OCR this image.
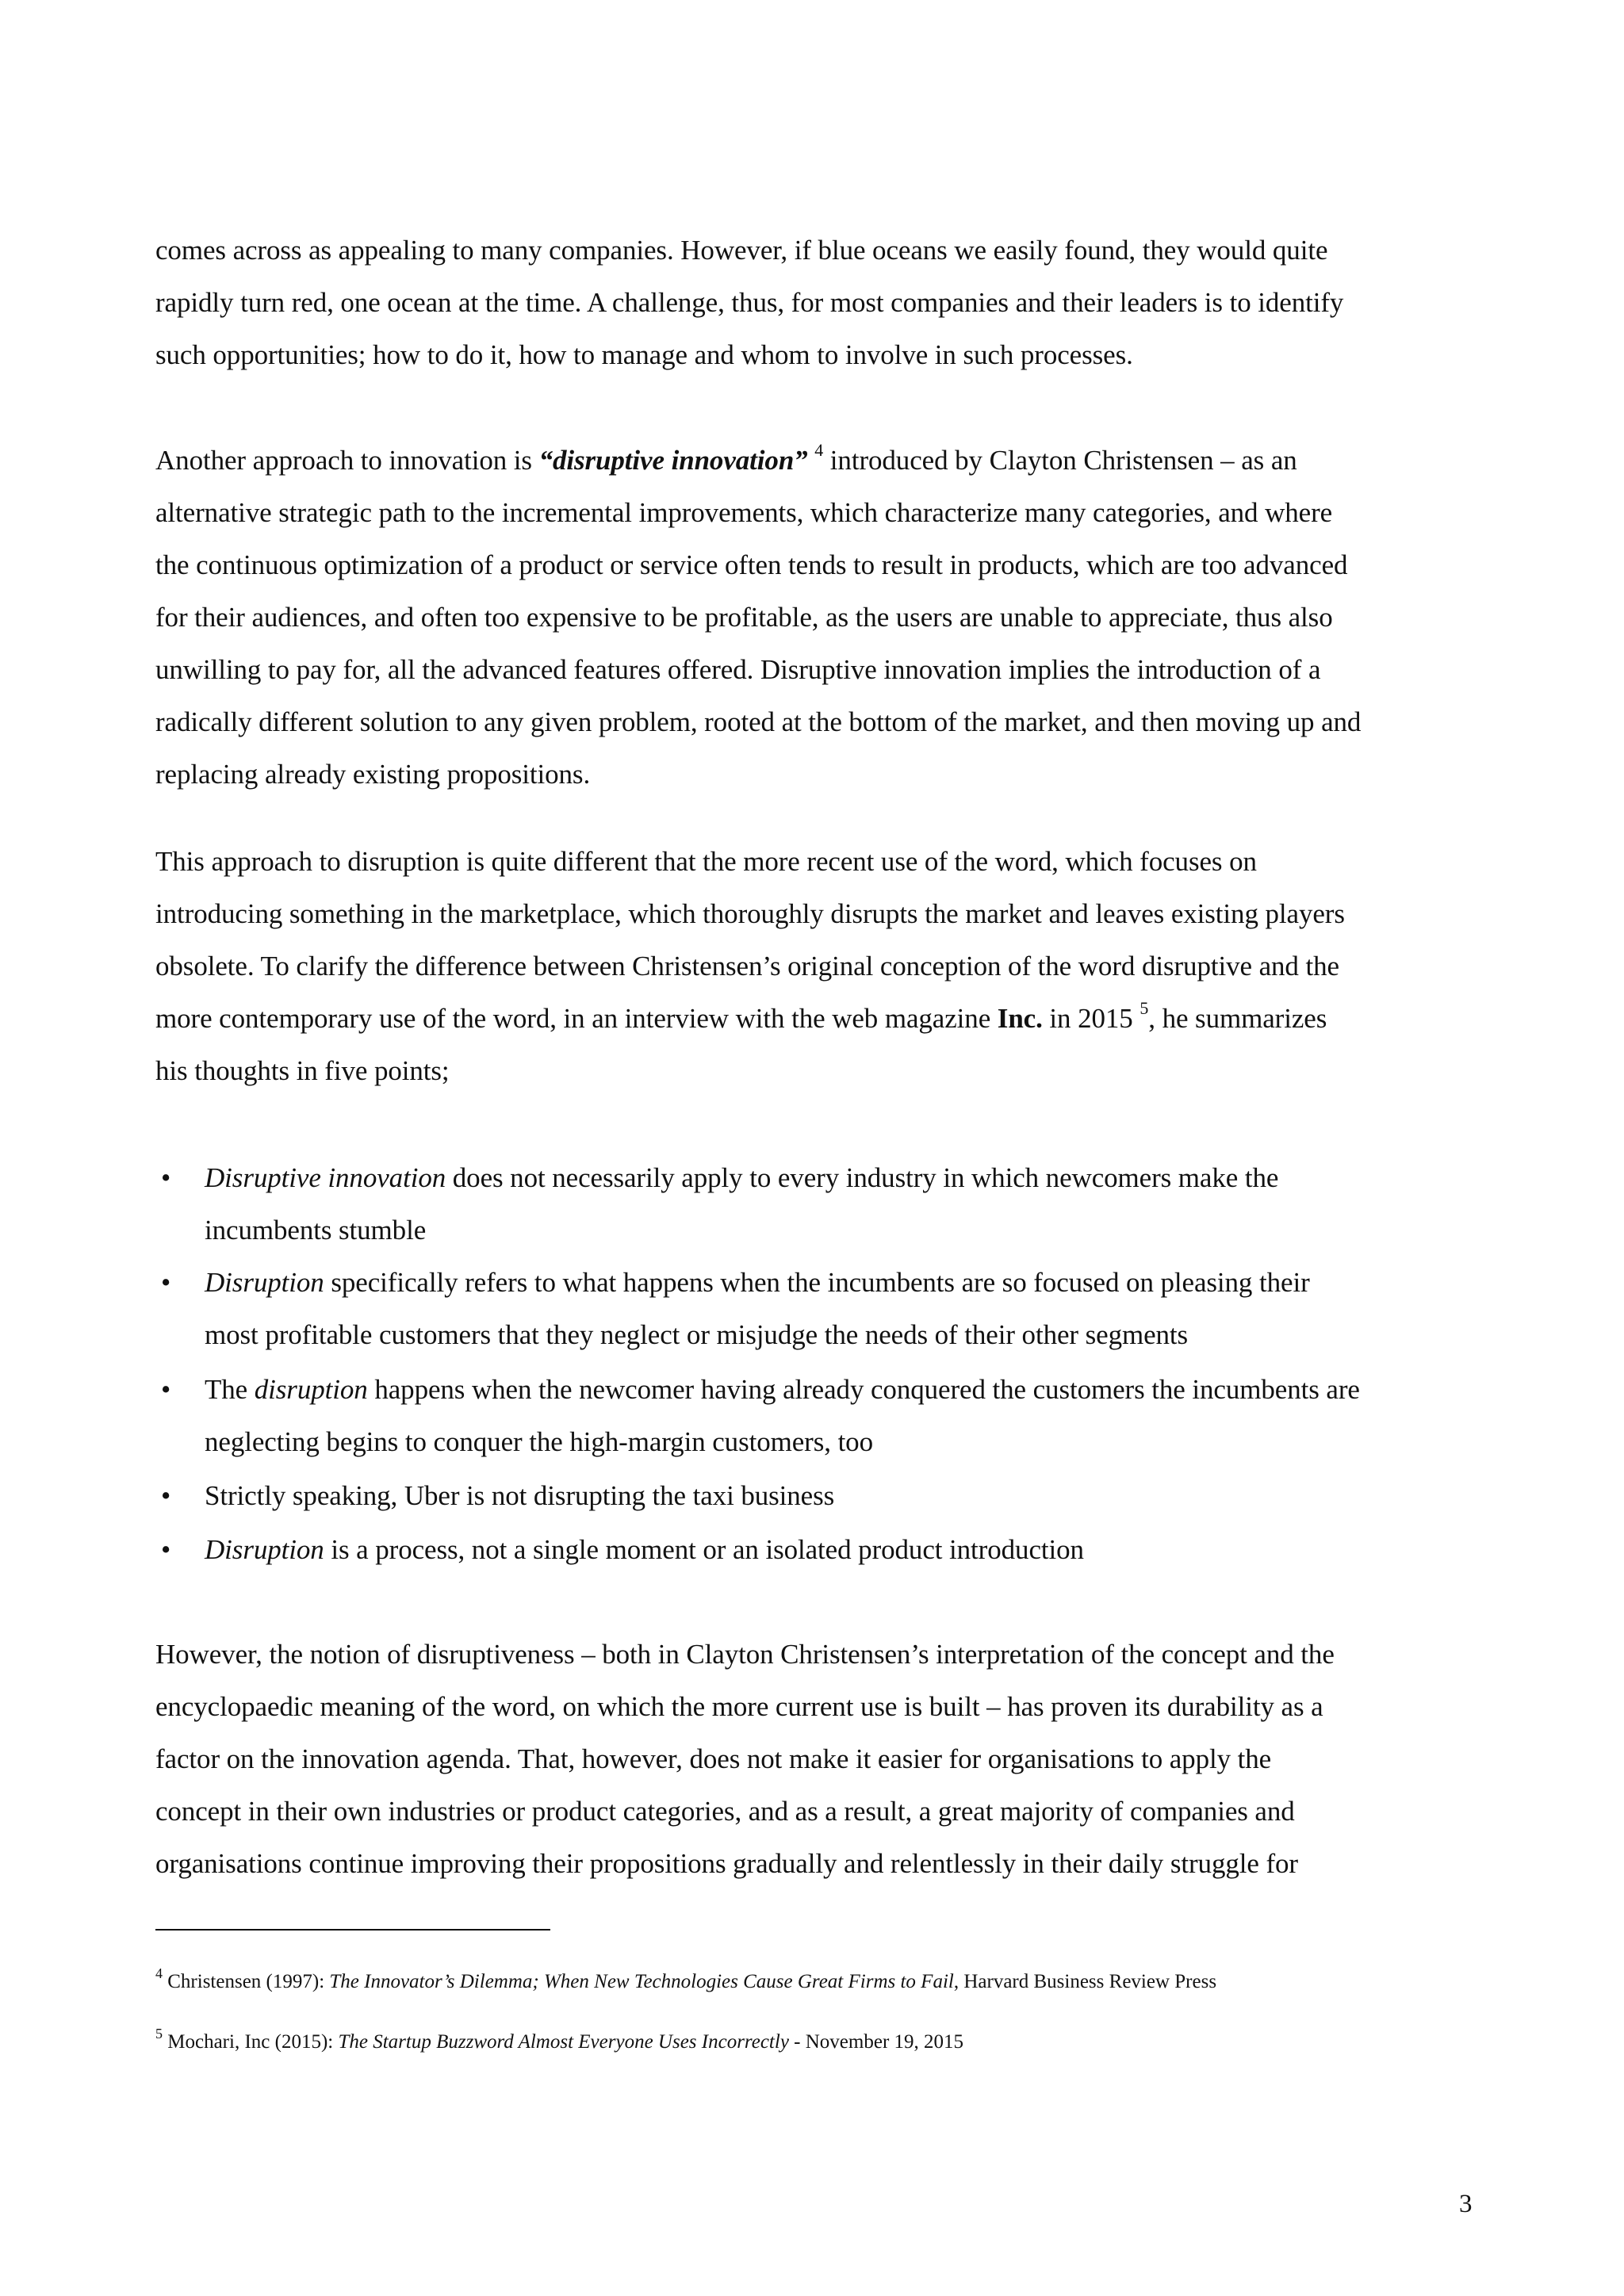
comes across as appealing to many companies. However, if blue oceans we easily found, they would quite
rapidly turn red, one ocean at the time. A challenge, thus, for most companies and their leaders is to identify
such opportunities; how to do it, how to manage and whom to involve in such processes.
Another approach to innovation is “disruptive innovation” $^4$ introduced by Clayton Christensen – as an
alternative strategic path to the incremental improvements, which characterize many categories, and where
the continuous optimization of a product or service often tends to result in products, which are too advanced
for their audiences, and often too expensive to be profitable, as the users are unable to appreciate, thus also
unwilling to pay for, all the advanced features offered. Disruptive innovation implies the introduction of a
radically different solution to any given problem, rooted at the bottom of the market, and then moving up and
replacing already existing propositions.
This approach to disruption is quite different that the more recent use of the word, which focuses on
introducing something in the marketplace, which thoroughly disrupts the market and leaves existing players
obsolete. To clarify the difference between Christensen’s original conception of the word disruptive and the
more contemporary use of the word, in an interview with the web magazine Inc. in 2015 $^5$, he summarizes
his thoughts in five points;
• Disruptive innovation does not necessarily apply to every industry in which newcomers make the
incumbents stumble
• Disruption specifically refers to what happens when the incumbents are so focused on pleasing their
most profitable customers that they neglect or misjudge the needs of their other segments
• The disruption happens when the newcomer having already conquered the customers the incumbents are
neglecting begins to conquer the high-margin customers, too
• Strictly speaking, Uber is not disrupting the taxi business
• Disruption is a process, not a single moment or an isolated product introduction
However, the notion of disruptiveness – both in Clayton Christensen’s interpretation of the concept and the
encyclopaedic meaning of the word, on which the more current use is built – has proven its durability as a
factor on the innovation agenda. That, however, does not make it easier for organisations to apply the
concept in their own industries or product categories, and as a result, a great majority of companies and
organisations continue improving their propositions gradually and relentlessly in their daily struggle for
$^4$ Christensen (1997): The Innovator’s Dilemma; When New Technologies Cause Great Firms to Fail, Harvard Business Review Press
$^5$ Mochari, Inc (2015): The Startup Buzzword Almost Everyone Uses Incorrectly - November 19, 2015
3
